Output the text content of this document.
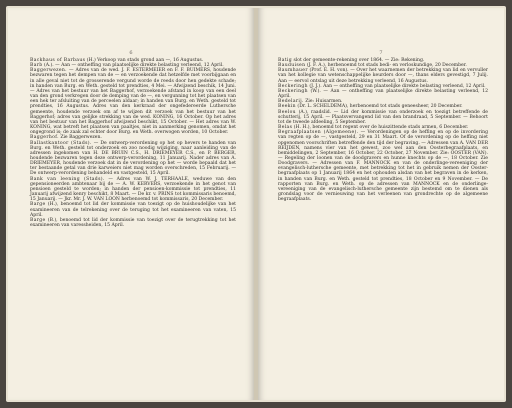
6

Backhaus of Barbaus (H.) Verkoop van stads grond aan —, 16 Augustus.

Barb (A.). — Aan — ontheffing van plaatselijke direkte belasting verleend, 12 April.

Baggerwezen. — Adres van de wed. J. F. ESTERMEIER en F. F. BUIMERS, houdende bezwaren tegen het dempen van de — en verzoekende dat hetzelfde met voorbijgaan en in alle geval niet tot de grosserende vergund worde de reeds door hen gedekte schade; in handen van Burg. en Weth. gesteld tot prendties, 4 Mei. — Afwijzend beschik, 14 Juni. — Adres van het bestuur van het Baggerhof, verzoekende afstand in koop van een deel van den grond verkregen door de demping van de —, en vergunning tot het plaatsen van een hek ter afsluiting van de perceelen aldaar; in handen van Burg. en Weth. gesteld tot prendties, 16 Augustus. Adres van den kerkraad der ongefedereerde Luthersche gemeente, houdende verzoek om af te wijzen dit verzoek van het bestuur van het Baggerhof; adres van gelijke strekking van de wed. KONING, 16 October. Op het adres van het bestuur van het Baggerhof afwijzend beschikt, 15 October. — Het adres van W. KONING, wat betreft het plaatsen van paaltjes, niet in aanmerking genomen, omdat het ongegrond is; de zaak zal echter door Burg. en Weth. overwogen worden, 10 October.

Baggerhof. Zie Baggerwezen.

Ballastkantoor (Stads). — De ontwerp-verordening op het op hevers te handen van Burg. en Weth. gesteld tot onderzoek en zoo noodig wijziging, naar aanleiding van de adressen ingekomen van H. DE BRUIN C.S., H. DRIEMEYER C.S., en P. BERGER, houdende bezwaren tegen deze ontwerp-verordening, 11 Januarij. Nader adres van A. DRIEMEYER, houdende verzoek dat in de verordening op het — worde bepaald dat het ter bestaande getal van drie karweiers niet mag worden overschreden, 15 Februarij. — De ontwerp-verordening behandeld en vastgesteld, 15 April.

Bank van leening (Stads). — Adres van W. J. TERHAALE, weduwe van den gepensioneerden ambtenaar bij de — A. W. KERVERS, verzoekende in het genot van pensioen gesteld te worden; in handen der pensioen-kommissie tot prendties, 11 Januarij afwijzend kenry beschikt, 8 Maart. — De kr. v. PRINS tot kommissaris benoemd, 15 Januarij. — Jkr. Mr. J. W. VAN LOON herbenoemd tot kommissaris, 20 December.

Barge (H.), benoemd tot lid der kommissie van toezigt op de huishoudelijke van het examineeren van de telrekening over de teruging tot het examineeren van vaten, 15 April.

Barge (B.), benoemd tot lid der kommissie van toezigt over de terugtrekking tot het examineeren van varessheiden, 15 April.

7

Batig slot der gemeente-rekening over 1864. — Zie: Rekening.

Bauduisen (J. F. A.), herbenoemd tot stads bedi- en verloskundige, 20 December.

Baumhauer (Prof. E. H. von). — Over het waarnemen der betrekking van lid en vervuller van het kollegie van wetenschappelijke keurders door —, thans elders gevestigd, 7 Julij. Aan — eervol ontslag uit deze betrekking verleend, 16 Augustus.

Beckeringh (J. J.). Aan — ontheffing van plaatselijke direkte belasting verleend, 12 April.

Beckeringh (W.). — Aan — ontheffing van plaatselijke direkte belasting verleend, 12 April.

Bedelarij. Zie: Huisarmen.

Beekin (Dr. L. SCHELDEMA), herbenoemd tot stads geneesheer, 20 December.

Beelou (A.), raadslid. — Lid der kommissie van onderzoek en toezigt betreffende de schutterij, 15 April. — Plaatsvervangend lid van den brandraad, 5 September. — Behoort tot de tweede afdeeling, 5 September.

Belas (H. H.), benoemd tot regent over de huiszittende stads armen, 6 December.

Begraafplaatsen (Algemeene). — Verordeningen op de heffing en op de invordering van regten op de —, vastgesteld, 29 en 31 Maart. Of de verordening op de heffing niet opgenomen voorschriften betreffende den tijd der begraving. — Adressen van A. VAN DER REIJDEN, namens vier van het gewest, zoo wel aan den Oosterbegraafplaats, en bemiddelingen, 2 September, 16 October, 22 October, 27 November. Zie: OOSTER (VAN). — Regeling der loonen van de doodgravers en hunne knechts op de —, 18 October. Zie Doodgravers. — Adressen van F. MANNOCK en van de onderlinge-vereeniging der evangelisch-luthersche gemeente, met betrekking tot het in gebruik nemen der Ooster-begraafplaats op 1 Januarij 1864 en het ophouden alsdan van het begraven in de kerken, in handen van Burg. en Weth. gesteld tot prendties, 18 October en 9 November. — De rapporten van Burg. en Weth. op de adressen van MANNOCK en de onderlinge-vereeniging van de evangelisch-luthersche gemeente zijn bestemd om te dienen als grondslag voor de vernieuwing van het verleenen van grondrechte op de algemeene begraafplaats.
